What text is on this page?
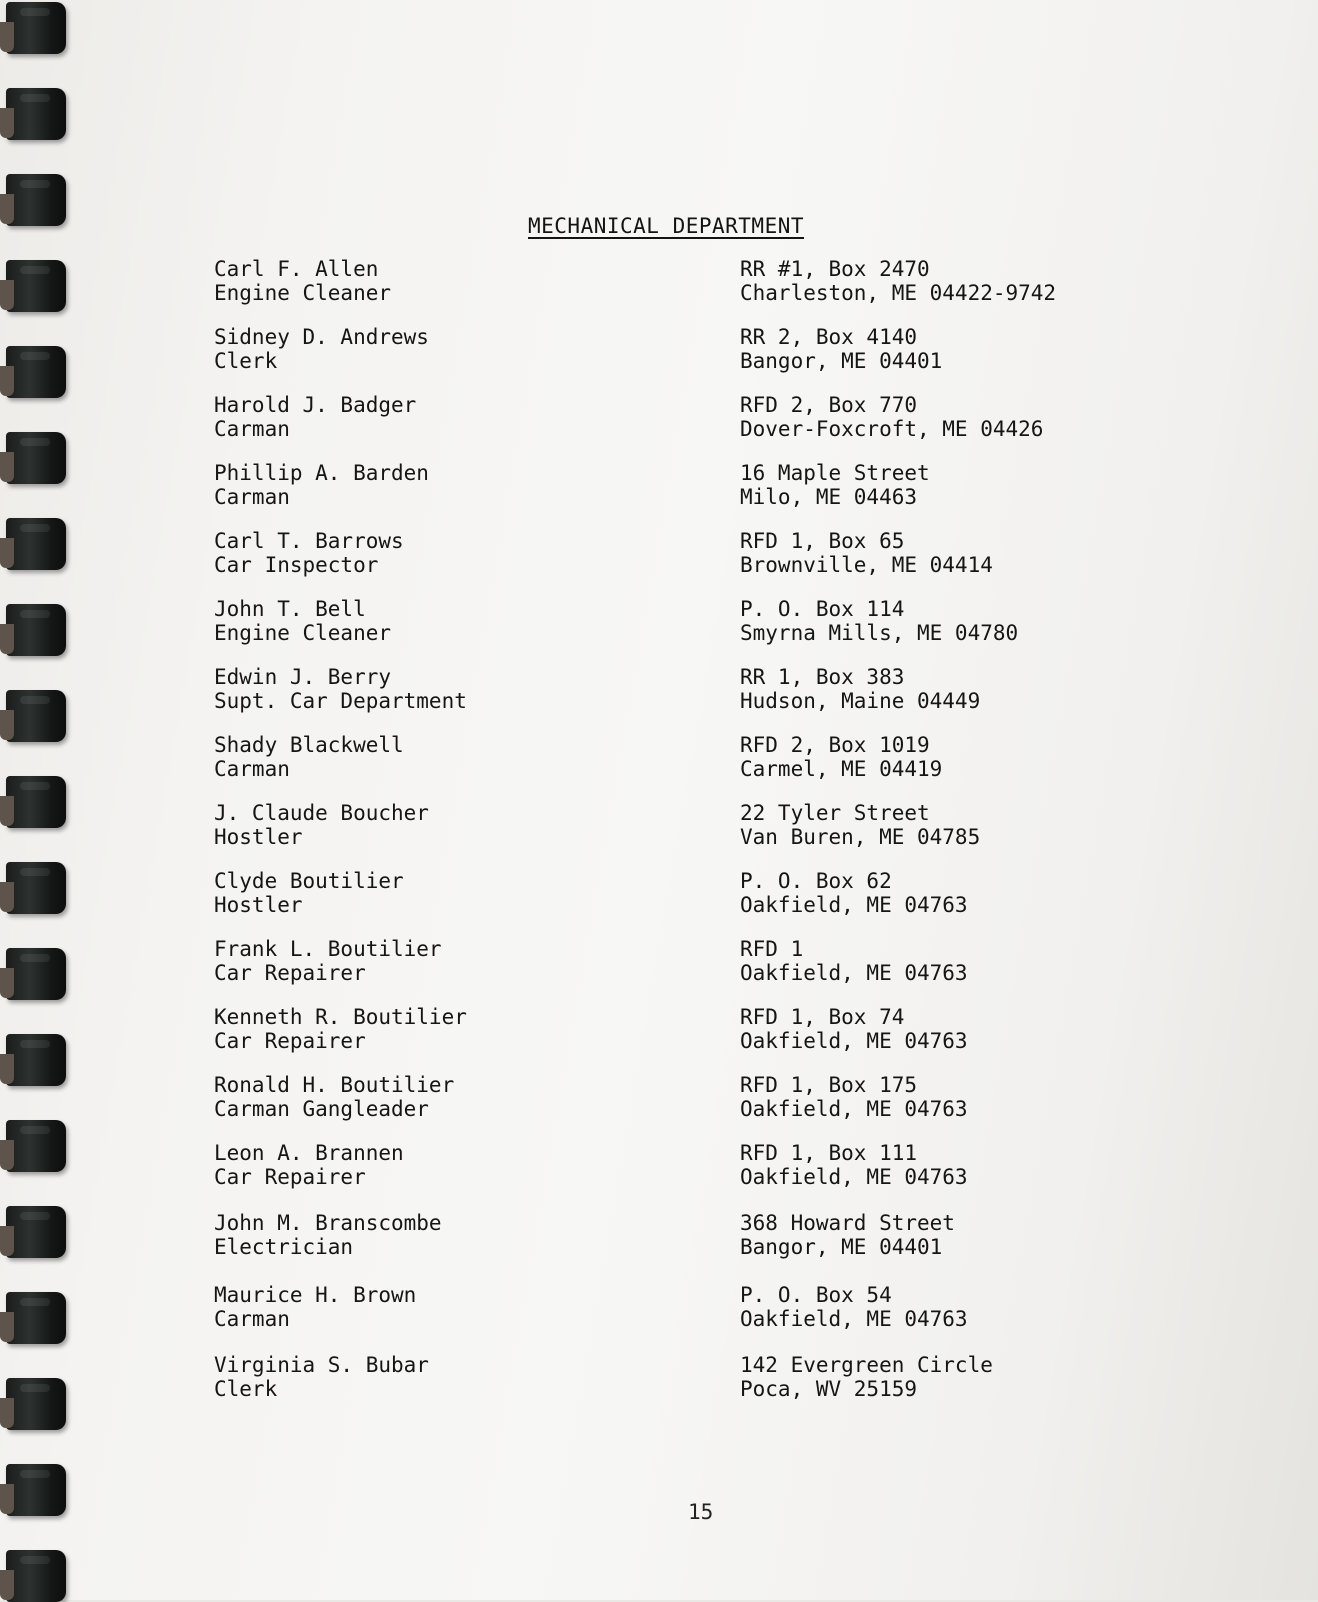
MECHANICAL DEPARTMENT
Carl F. Allen
Engine Cleaner
RR #1, Box 2470
Charleston, ME 04422-9742
Sidney D. Andrews
Clerk
RR 2, Box 4140
Bangor, ME 04401
Harold J. Badger
Carman
RFD 2, Box 770
Dover-Foxcroft, ME 04426
Phillip A. Barden
Carman
16 Maple Street
Milo, ME 04463
Carl T. Barrows
Car Inspector
RFD 1, Box 65
Brownville, ME 04414
John T. Bell
Engine Cleaner
P. O. Box 114
Smyrna Mills, ME 04780
Edwin J. Berry
Supt. Car Department
RR 1, Box 383
Hudson, Maine 04449
Shady Blackwell
Carman
RFD 2, Box 1019
Carmel, ME 04419
J. Claude Boucher
Hostler
22 Tyler Street
Van Buren, ME 04785
Clyde Boutilier
Hostler
P. O. Box 62
Oakfield, ME 04763
Frank L. Boutilier
Car Repairer
RFD 1
Oakfield, ME 04763
Kenneth R. Boutilier
Car Repairer
RFD 1, Box 74
Oakfield, ME 04763
Ronald H. Boutilier
Carman Gangleader
RFD 1, Box 175
Oakfield, ME 04763
Leon A. Brannen
Car Repairer
RFD 1, Box 111
Oakfield, ME 04763
John M. Branscombe
Electrician
368 Howard Street
Bangor, ME 04401
Maurice H. Brown
Carman
P. O. Box 54
Oakfield, ME 04763
Virginia S. Bubar
Clerk
142 Evergreen Circle
Poca, WV 25159
15
